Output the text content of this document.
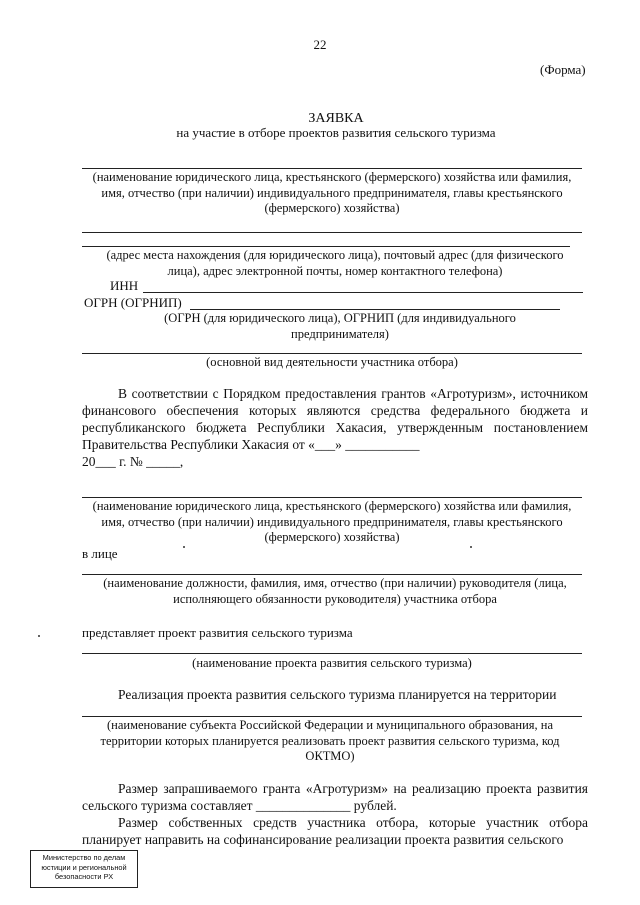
22
(Форма)
ЗАЯВКА
на участие в отборе проектов развития сельского туризма
(наименование юридического лица, крестьянского (фермерского) хозяйства или фамилия, имя, отчество (при наличии) индивидуального предпринимателя, главы крестьянского (фермерского) хозяйства)
(адрес места нахождения (для юридического лица), почтовый адрес (для физического лица), адрес электронной почты, номер контактного телефона)
ИНН
ОГРН (ОГРНИП)
(ОГРН (для юридического лица), ОГРНИП (для индивидуального предпринимателя)
(основной вид деятельности участника отбора)
В соответствии с Порядком предоставления грантов «Агротуризм», источником финансового обеспечения которых являются средства федерального бюджета и республиканского бюджета Республики Хакасия, утвержденным постановлением Правительства Республики Хакасия от «___» ___________
20___ г. № _____,
(наименование юридического лица, крестьянского (фермерского) хозяйства или фамилия, имя, отчество (при наличии) индивидуального предпринимателя, главы крестьянского (фермерского) хозяйства)
в лице
(наименование должности, фамилия, имя, отчество (при наличии) руководителя (лица, исполняющего обязанности руководителя) участника отбора
представляет проект развития сельского туризма
(наименование проекта развития сельского туризма)
Реализация проекта развития сельского туризма планируется на территории
(наименование субъекта Российской Федерации и муниципального образования, на территории которых планируется реализовать проект развития сельского туризма, код ОКТМО)
Размер запрашиваемого гранта «Агротуризм» на реализацию проекта развития сельского туризма составляет ______________ рублей.
Размер собственных средств участника отбора, которые участник отбора планирует направить на софинансирование реализации проекта развития сельского
Министерство по делам юстиции и региональной безопасности РХ
